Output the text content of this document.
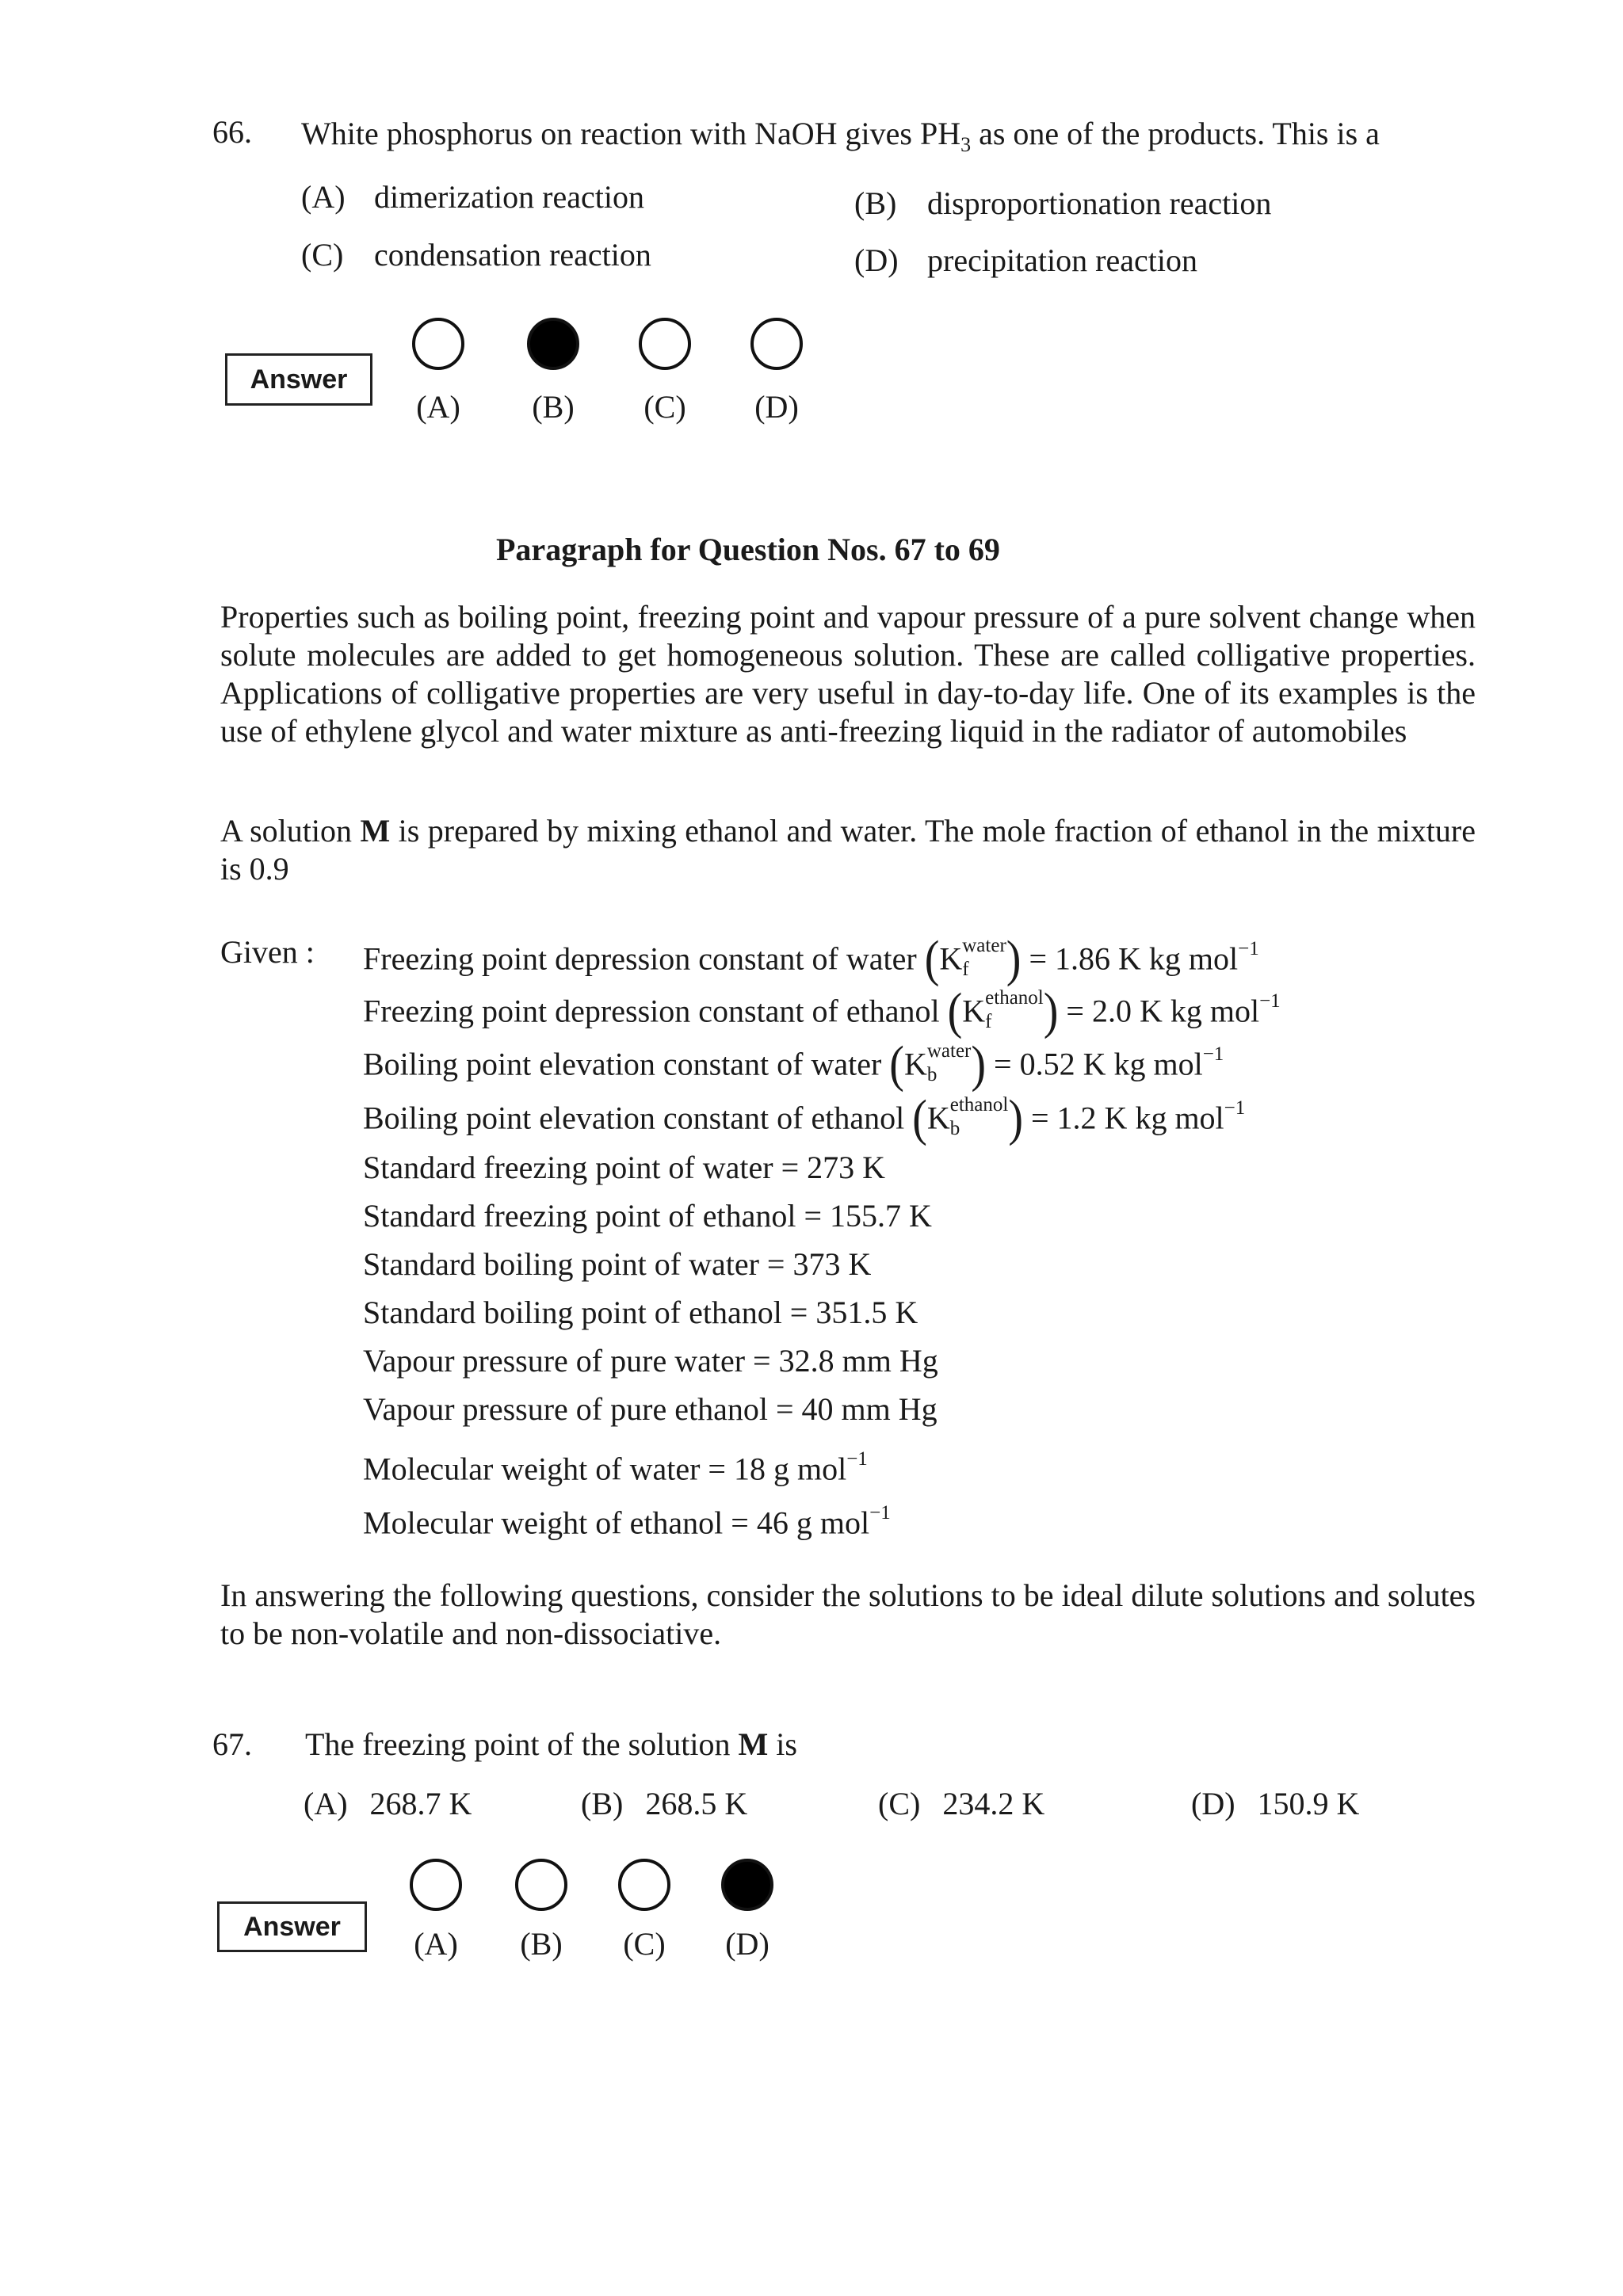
66. White phosphorus on reaction with NaOH gives $PH_3$ as one of the products. This is a
(A) dimerization reaction	(B) disproportionation reaction
(C) condensation reaction	(D) precipitation reaction
Answer
(A)	(B)	(C)	(D)
Paragraph for Question Nos. 67 to 69
Properties such as boiling point, freezing point and vapour pressure of a pure solvent change when solute molecules are added to get homogeneous solution. These are called colligative properties. Applications of colligative properties are very useful in day-to-day life. One of its examples is the use of ethylene glycol and water mixture as anti-freezing liquid in the radiator of automobiles
A solution M is prepared by mixing ethanol and water. The mole fraction of ethanol in the mixture is 0.9
Given : Freezing point depression constant of water (K water
f ) = 1.86 K kg mol$^{-1}$
Freezing point depression constant of ethanol (K ethanol
f ) = 2.0 K kg mol$^{-1}$
Boiling point elevation constant of water (K water
b ) = 0.52 K kg mol$^{-1}$
Boiling point elevation constant of ethanol (K ethanol
b ) = 1.2 K kg mol$^{-1}$
Standard freezing point of water = 273 K
Standard freezing point of ethanol = 155.7 K
Standard boiling point of water = 373 K
Standard boiling point of ethanol = 351.5 K
Vapour pressure of pure water = 32.8 mm Hg
Vapour pressure of pure ethanol = 40 mm Hg
Molecular weight of water = 18 g mol$^{-1}$
Molecular weight of ethanol = 46 g mol$^{-1}$
In answering the following questions, consider the solutions to be ideal dilute solutions and solutes to be non-volatile and non-dissociative.
67. The freezing point of the solution M is
(A) 268.7 K	(B) 268.5 K	(C) 234.2 K	(D) 150.9 K
Answer	(A)	(B)	(C)	(D)
